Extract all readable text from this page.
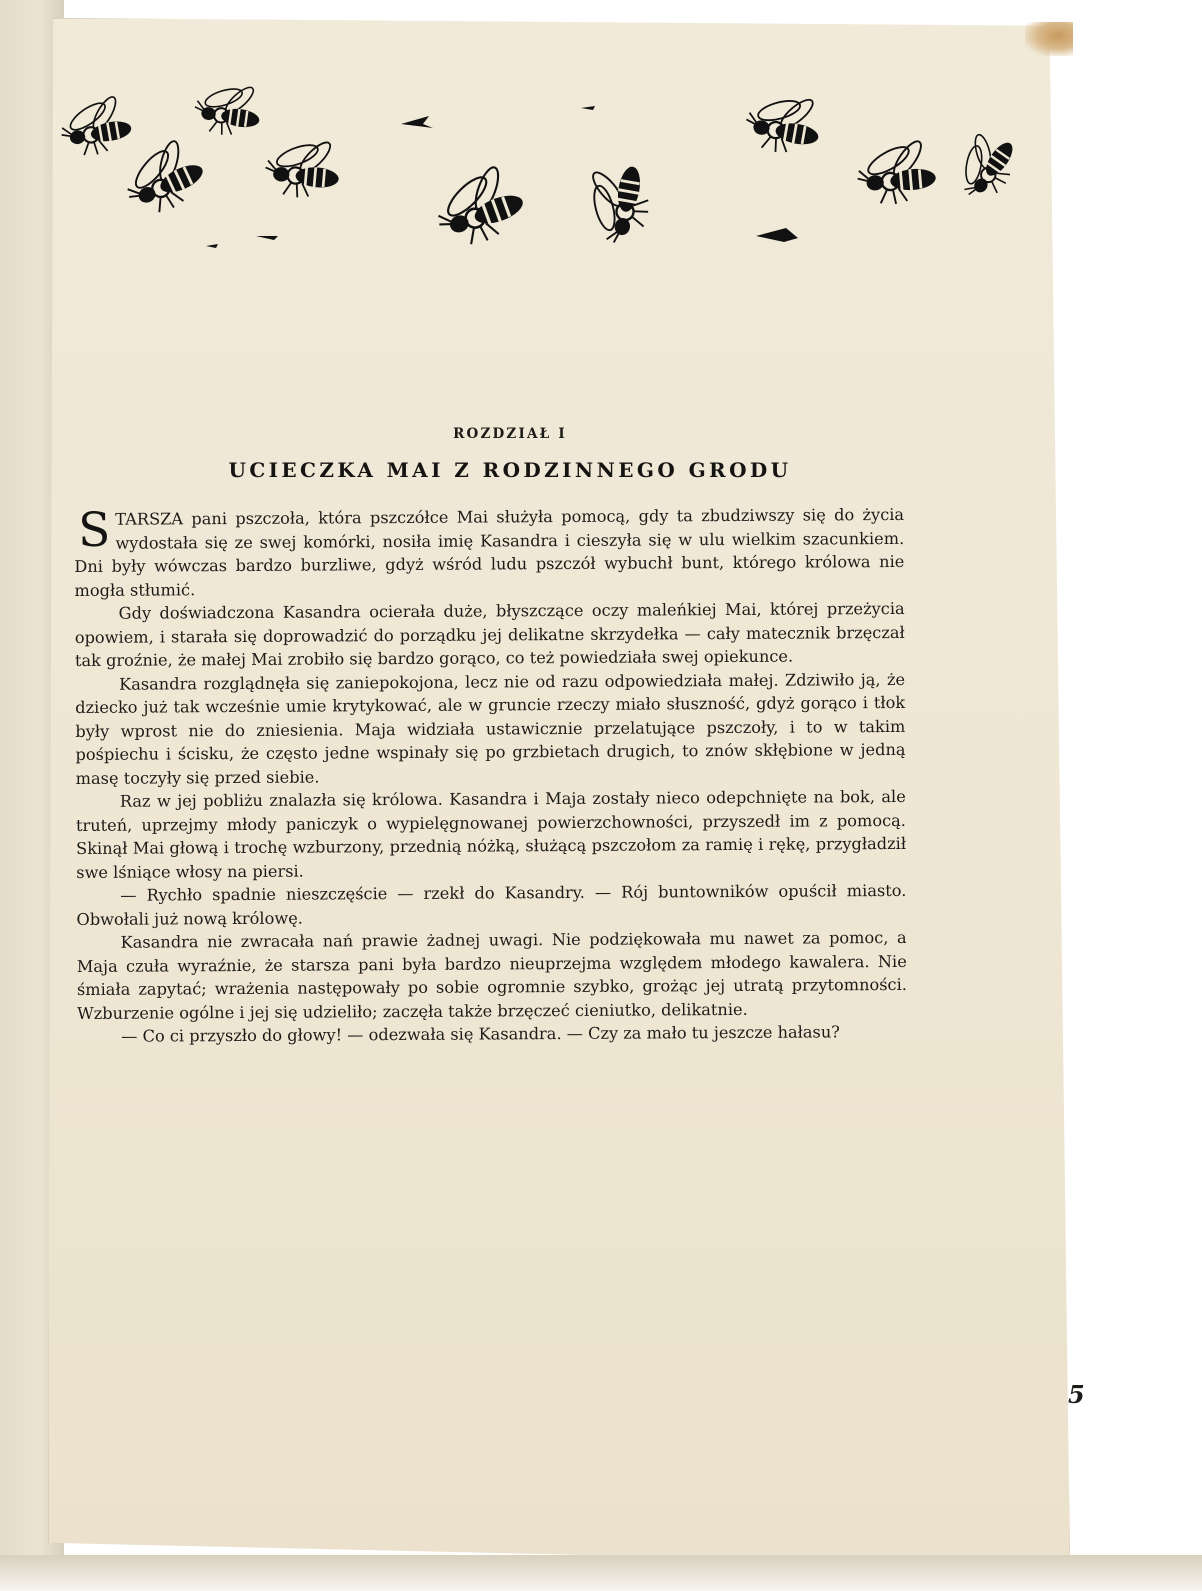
ROZDZIAŁ I
UCIECZKA MAI Z RODZINNEGO GRODU

STARSZA pani pszczoła, która pszczółce Mai służyła pomocą, gdy ta zbudziwszy się do życia wydostała się ze swej komórki, nosiła imię Kasandra i cieszyła się w ulu wielkim szacunkiem. Dni były wówczas bardzo burzliwe, gdyż wśród ludu pszczół wybuchł bunt, którego królowa nie mogła stłumić.

Gdy doświadczona Kasandra ocierała duże, błyszczące oczy maleńkiej Mai, której przeżycia opowiem, i starała się doprowadzić do porządku jej delikatne skrzydełka — cały matecznik brzęczał tak groźnie, że małej Mai zrobiło się bardzo gorąco, co też powiedziała swej opiekunce.

Kasandra rozglądnęła się zaniepokojona, lecz nie od razu odpowiedziała małej. Zdziwiło ją, że dziecko już tak wcześnie umie krytykować, ale w gruncie rzeczy miało słuszność, gdyż gorąco i tłok były wprost nie do zniesienia. Maja widziała ustawicznie przelatujące pszczoły, i to w takim pośpiechu i ścisku, że często jedne wspinały się po grzbietach drugich, to znów skłębione w jedną masę toczyły się przed siebie.

Raz w jej pobliżu znalazła się królowa. Kasandra i Maja zostały nieco odepchnięte na bok, ale truteń, uprzejmy młody paniczyk o wypielęgnowanej powierzchowności, przyszedł im z pomocą. Skinął Mai głową i trochę wzburzony, przednią nóżką, służącą pszczołom za ramię i rękę, przygładził swe lśniące włosy na piersi.

— Rychło spadnie nieszczęście — rzekł do Kasandry. — Rój buntowników opuścił miasto. Obwołali już nową królowę.

Kasandra nie zwracała nań prawie żadnej uwagi. Nie podziękowała mu nawet za pomoc, a Maja czuła wyraźnie, że starsza pani była bardzo nieuprzejma względem młodego kawalera. Nie śmiała zapytać; wrażenia następowały po sobie ogromnie szybko, grożąc jej utratą przytomności. Wzburzenie ogólne i jej się udzieliło; zaczęła także brzęczeć cieniutko, delikatnie.

— Co ci przyszło do głowy! — odezwała się Kasandra. — Czy za mało tu jeszcze hałasu?

5
